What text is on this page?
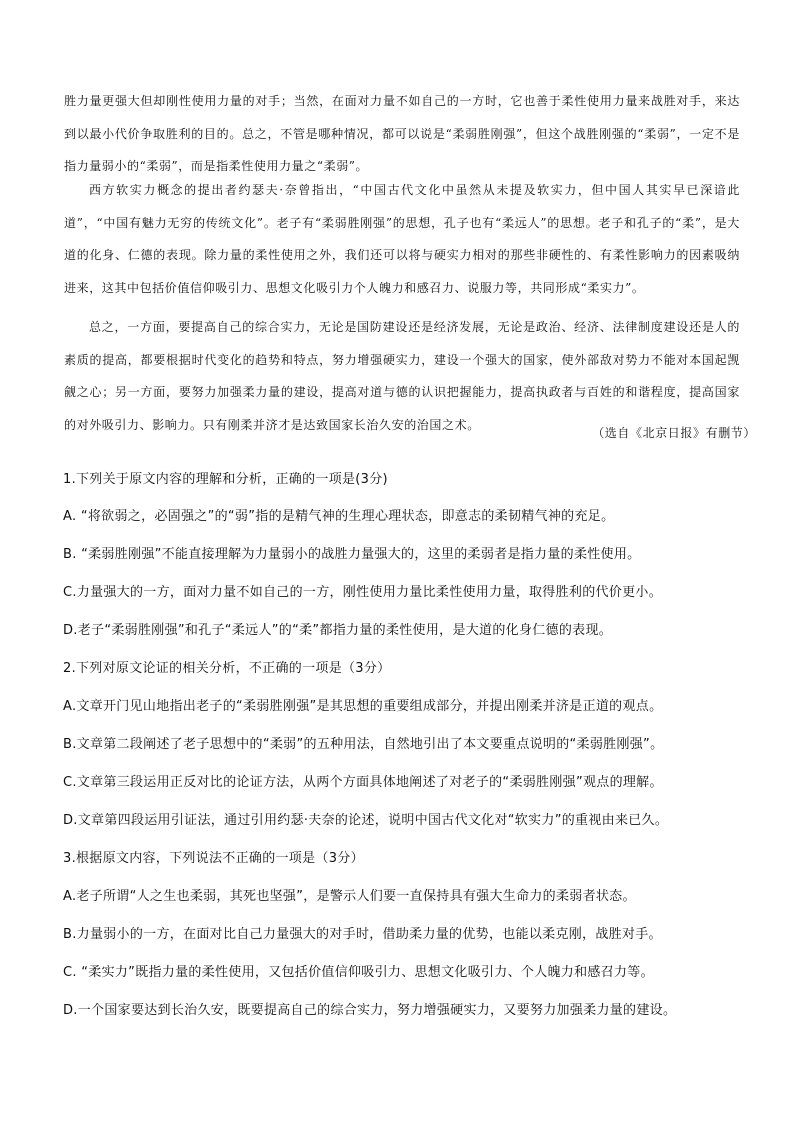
胜力量更强大但却刚性使用力量的对手；当然，在面对力量不如自己的一方时，它也善于柔性使用力量来战胜对手，来达到以最小代价争取胜利的目的。总之，不管是哪种情况，都可以说是“柔弱胜刚强”，但这个战胜刚强的“柔弱”，一定不是指力量弱小的“柔弱”，而是指柔性使用力量之“柔弱”。

西方软实力概念的提出者约瑟夫·奈曾指出，“中国古代文化中虽然从未提及软实力，但中国人其实早已深谙此道”，“中国有魅力无穷的传统文化”。老子有“柔弱胜刚强”的思想，孔子也有“柔远人”的思想。老子和孔子的“柔”，是大道的化身、仁德的表现。除力量的柔性使用之外，我们还可以将与硬实力相对的那些非硬性的、有柔性影响力的因素吸纳进来，这其中包括价值信仰吸引力、思想文化吸引力个人魄力和感召力、说服力等，共同形成“柔实力”。

总之，一方面，要提高自己的综合实力，无论是国防建设还是经济发展，无论是政治、经济、法律制度建设还是人的素质的提高，都要根据时代变化的趋势和特点，努力增强硬实力，建设一个强大的国家，使外部敌对势力不能对本国起觊觎之心；另一方面，要努力加强柔力量的建设，提高对道与德的认识把握能力，提高执政者与百姓的和谐程度，提高国家的对外吸引力、影响力。只有刚柔并济才是达致国家长治久安的治国之术。

（选自《北京日报》有删节）
1.下列关于原文内容的理解和分析，正确的一项是(3分)
A. “将欲弱之，必固强之”的“弱”指的是精气神的生理心理状态，即意志的柔韧精气神的充足。
B. “柔弱胜刚强”不能直接理解为力量弱小的战胜力量强大的，这里的柔弱者是指力量的柔性使用。
C.力量强大的一方，面对力量不如自己的一方，刚性使用力量比柔性使用力量，取得胜利的代价更小。
D.老子“柔弱胜刚强”和孔子“柔远人”的“柔”都指力量的柔性使用，是大道的化身仁德的表现。
2.下列对原文论证的相关分析，不正确的一项是（3分）
A.文章开门见山地指出老子的“柔弱胜刚强”是其思想的重要组成部分，并提出刚柔并济是正道的观点。
B.文章第二段阐述了老子思想中的“柔弱”的五种用法，自然地引出了本文要重点说明的“柔弱胜刚强”。
C.文章第三段运用正反对比的论证方法，从两个方面具体地阐述了对老子的“柔弱胜刚强”观点的理解。
D.文章第四段运用引证法，通过引用约瑟·夫奈的论述，说明中国古代文化对“软实力”的重视由来已久。
3.根据原文内容，下列说法不正确的一项是（3分）
A.老子所谓“人之生也柔弱，其死也坚强”，是警示人们要一直保持具有强大生命力的柔弱者状态。
B.力量弱小的一方，在面对比自己力量强大的对手时，借助柔力量的优势，也能以柔克刚，战胜对手。
C. “柔实力”既指力量的柔性使用，又包括价值信仰吸引力、思想文化吸引力、个人魄力和感召力等。
D.一个国家要达到长治久安，既要提高自己的综合实力，努力增强硬实力，又要努力加强柔力量的建设。
